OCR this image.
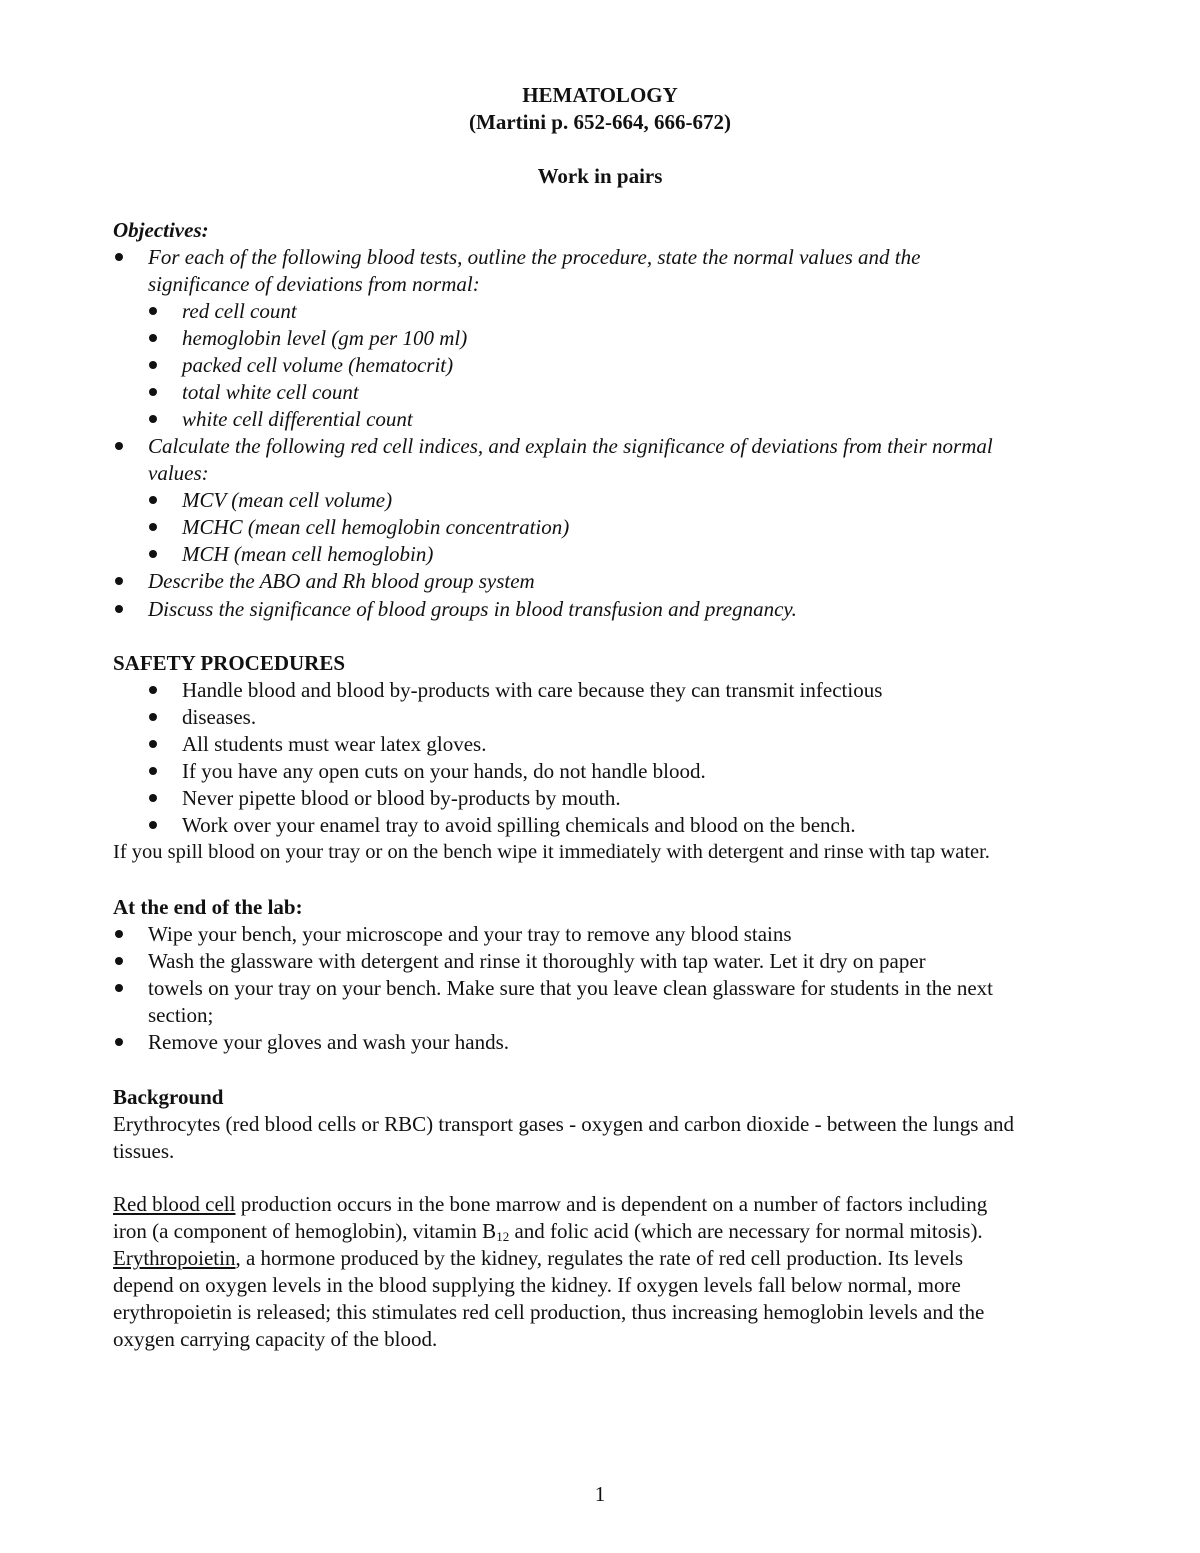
HEMATOLOGY
(Martini p. 652-664, 666-672)
Work in pairs
Objectives:
For each of the following blood tests, outline the procedure, state the normal values and the
significance of deviations from normal:
red cell count
hemoglobin level (gm per 100 ml)
packed cell volume (hematocrit)
total white cell count
white cell differential count
Calculate the following red cell indices, and explain the significance of deviations from their normal
values:
MCV (mean cell volume)
MCHC (mean cell hemoglobin concentration)
MCH (mean cell hemoglobin)
Describe the ABO and Rh blood group system
Discuss the significance of blood groups in blood transfusion and pregnancy.
SAFETY PROCEDURES
Handle blood and blood by-products with care because they can transmit infectious
diseases.
All students must wear latex gloves.
If you have any open cuts on your hands, do not handle blood.
Never pipette blood or blood by-products by mouth.
Work over your enamel tray to avoid spilling chemicals and blood on the bench.
If you spill blood on your tray or on the bench wipe it immediately with detergent and rinse with tap water.
At the end of the lab:
Wipe your bench, your microscope and your tray to remove any blood stains
Wash the glassware with detergent and rinse it thoroughly with tap water. Let it dry on paper
towels on your tray on your bench. Make sure that you leave clean glassware for students in the next
section;
Remove your gloves and wash your hands.
Background
Erythrocytes (red blood cells or RBC) transport gases - oxygen and carbon dioxide - between the lungs and
tissues.
Red blood cell production occurs in the bone marrow and is dependent on a number of factors including
iron (a component of hemoglobin), vitamin $B_{12}$ and folic acid (which are necessary for normal mitosis).
Erythropoietin, a hormone produced by the kidney, regulates the rate of red cell production. Its levels
depend on oxygen levels in the blood supplying the kidney. If oxygen levels fall below normal, more
erythropoietin is released; this stimulates red cell production, thus increasing hemoglobin levels and the
oxygen carrying capacity of the blood.
1
